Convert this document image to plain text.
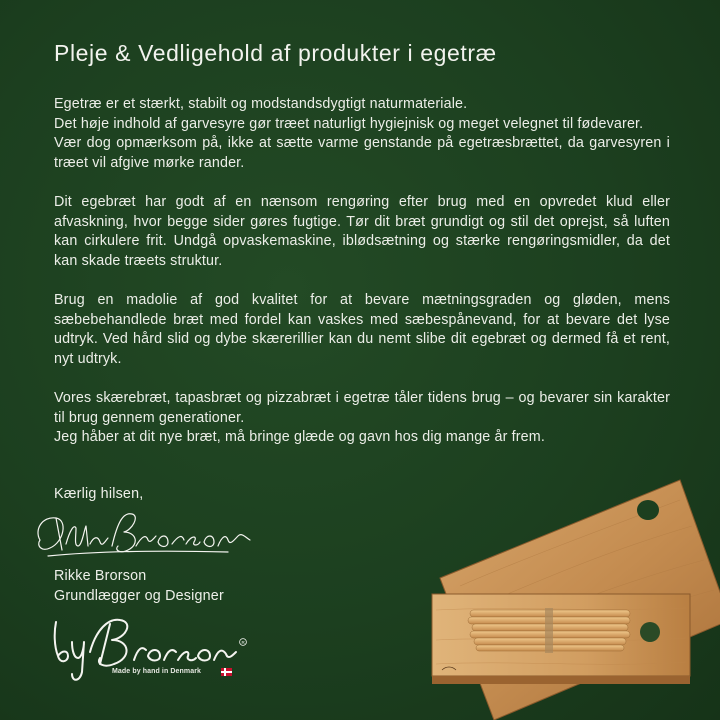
Pleje & Vedligehold af produkter i egetræ

Egetræ er et stærkt, stabilt og modstandsdygtigt naturmateriale.
Det høje indhold af garvesyre gør træet naturligt hygiejnisk og meget velegnet til fødevarer.
Vær dog opmærksom på, ikke at sætte varme genstande på egetræsbrættet, da garvesyren i træet vil afgive mørke rander.

Dit egebræt har godt af en nænsom rengøring efter brug med en opvredet klud eller afvaskning, hvor begge sider gøres fugtige. Tør dit bræt grundigt og stil det oprejst, så luften kan cirkulere frit. Undgå opvaskemaskine, iblødsætning og stærke rengøringsmidler, da det kan skade træets struktur.

Brug en madolie af god kvalitet for at bevare mætningsgraden og gløden, mens sæbebehandlede bræt med fordel kan vaskes med sæbespånevand, for at bevare det lyse udtryk. Ved hård slid og dybe skærerillier kan du nemt slibe dit egebræt og dermed få et rent, nyt udtryk.

Vores skærebræt, tapasbræt og pizzabræt i egetræ tåler tidens brug – og bevarer sin karakter til brug gennem generationer.
Jeg håber at dit nye bræt, må bringe glæde og gavn hos dig mange år frem.

Kærlig hilsen,
Rikke Brorson
Grundlægger og Designer
R
Made by hand in Denmark
